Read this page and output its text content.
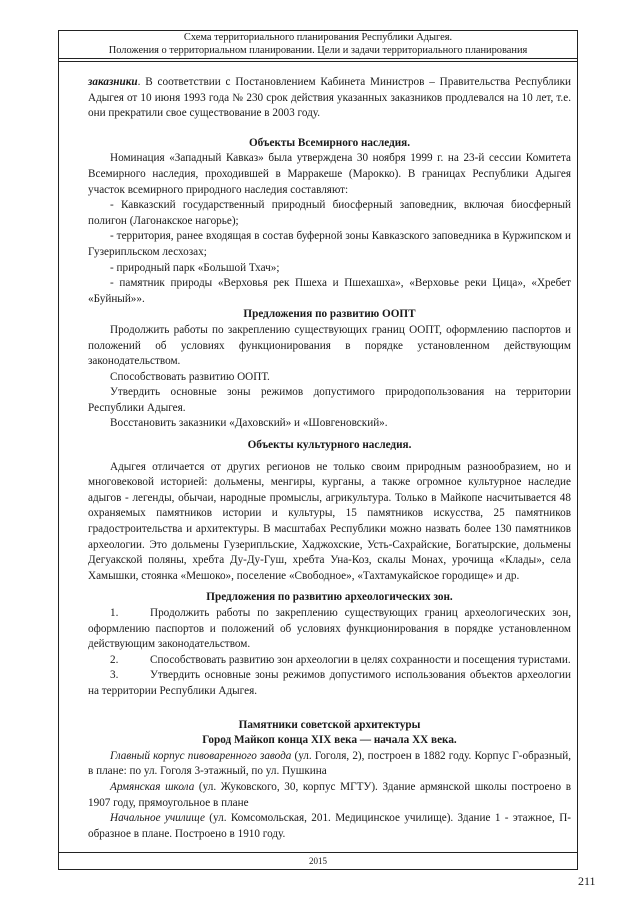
Схема территориального планирования Республики Адыгея.
Положения о территориальном планировании. Цели и задачи территориального планирования

заказники. В соответствии с Постановлением Кабинета Министров – Правительства Республики Адыгея от 10 июня 1993 года № 230 срок действия указанных заказников продлевался на 10 лет, т.е. они прекратили свое существование в 2003 году.

Объекты Всемирного наследия.

Номинация «Западный Кавказ» была утверждена 30 ноября 1999 г. на 23-й сессии Комитета Всемирного наследия, проходившей в Марракеше (Марокко). В границах Республики Адыгея участок всемирного природного наследия составляют:

- Кавказский государственный природный биосферный заповедник, включая биосферный полигон (Лагонакское нагорье);

- территория, ранее входящая в состав буферной зоны Кавказского заповедника в Куржипском и Гузерипльском лесхозах;

- природный парк «Большой Тхач»;

- памятник природы «Верховья рек Пшеха и Пшехашха», «Верховье реки Цица», «Хребет «Буйный»».

Предложения по развитию ООПТ

Продолжить работы по закреплению существующих границ ООПТ, оформлению паспортов и положений об условиях функционирования в порядке установленном действующим законодательством.

Способствовать развитию ООПТ.

Утвердить основные зоны режимов допустимого природопользования на территории Республики Адыгея.

Восстановить заказники «Даховский» и «Шовгеновский».

Объекты культурного наследия.

Адыгея отличается от других регионов не только своим природным разнообразием, но и многовековой историей: дольмены, менгиры, курганы, а также огромное культурное наследие адыгов - легенды, обычаи, народные промыслы, агрикультура. Только в Майкопе насчитывается 48 охраняемых памятников истории и культуры, 15 памятников искусства, 25 памятников градостроительства и архитектуры. В масштабах Республики можно назвать более 130 памятников археологии. Это дольмены Гузерипльские, Хаджохские, Усть-Сахрайские, Богатырские, дольмены Дегуакской поляны, хребта Ду-Ду-Гуш, хребта Уна-Коз, скалы Монах, урочища «Клады», села Хамышки, стоянка «Мешоко», поселение «Свободное», «Тахтамукайское городище» и др.

Предложения по развитию археологических зон.

1.	Продолжить работы по закреплению существующих границ археологических зон, оформлению паспортов и положений об условиях функционирования в порядке установленном действующим законодательством.

2.	Способствовать развитию зон археологии в целях сохранности и посещения туристами.

3.	Утвердить основные зоны режимов допустимого использования объектов археологии на территории Республики Адыгея.

Памятники советской архитектуры

Город Майкоп конца XIX века — начала XX века.

Главный корпус пивоваренного завода (ул. Гоголя, 2), построен в 1882 году. Корпус Г-образный, в плане: по ул. Гоголя 3-этажный, по ул. Пушкина

Армянская школа (ул. Жуковского, 30, корпус МГТУ). Здание армянской школы построено в 1907 году, прямоугольное в плане

Начальное училище (ул. Комсомольская, 201. Медицинское училище). Здание 1 - этажное, П-образное в плане. Построено в 1910 году.

2015
211
